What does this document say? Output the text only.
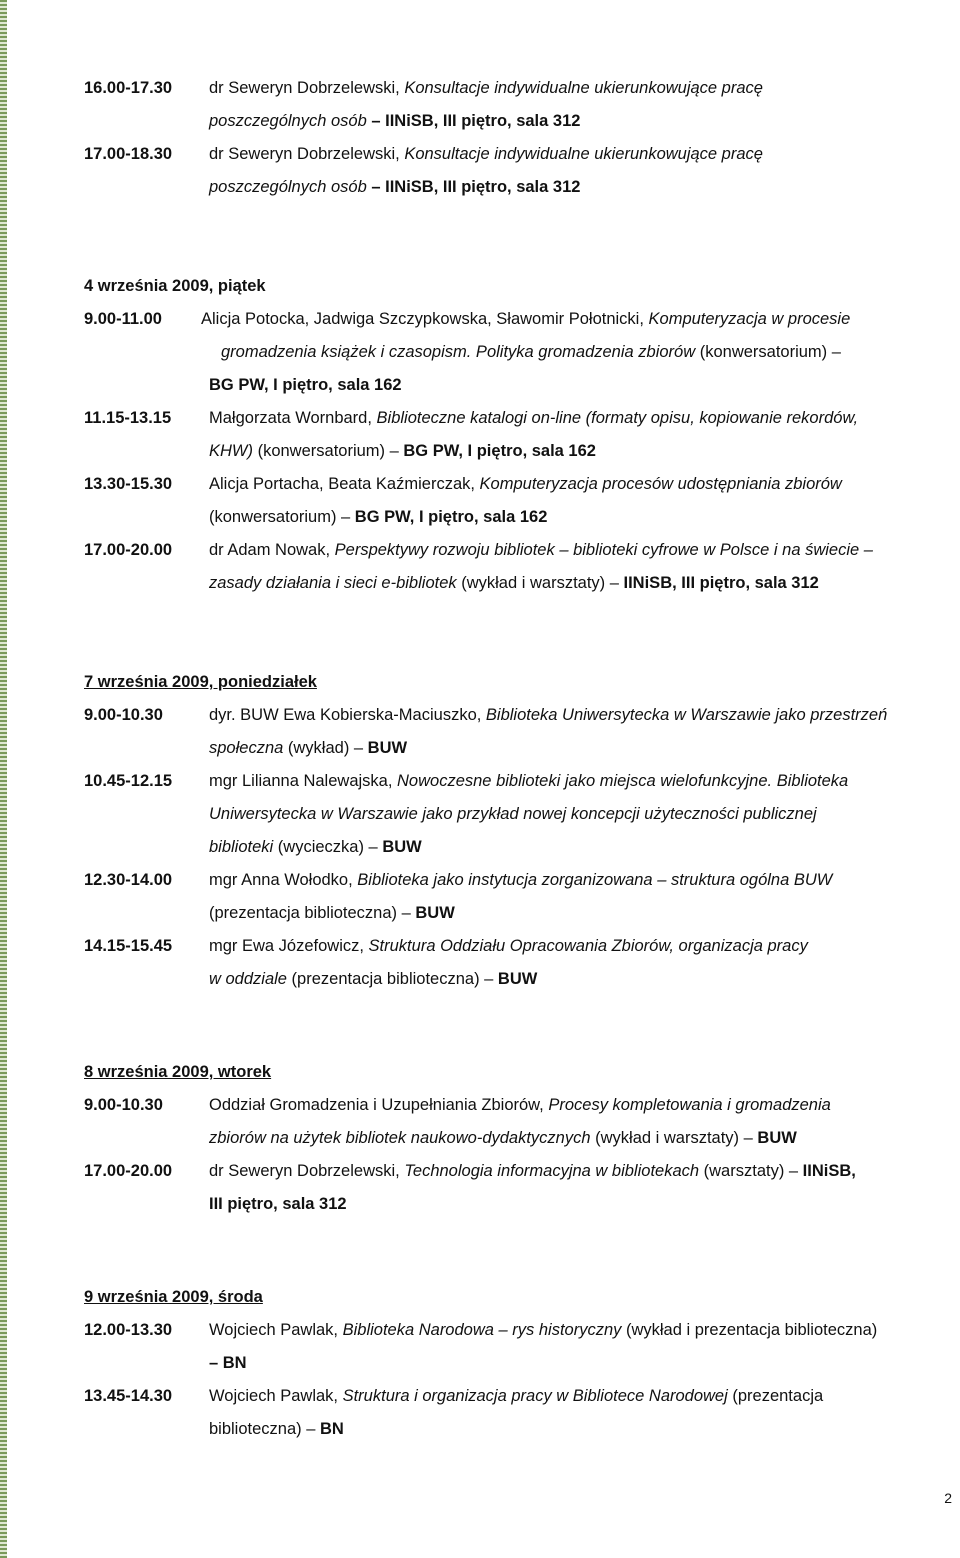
16.00-17.30	dr Seweryn Dobrzelewski, Konsultacje indywidualne ukierunkowujące pracę
poszczególnych osób – IINiSB, III piętro, sala 312
17.00-18.30	dr Seweryn Dobrzelewski, Konsultacje indywidualne ukierunkowujące pracę
poszczególnych osób – IINiSB, III piętro, sala 312
4 września 2009, piątek
9.00-11.00	Alicja Potocka, Jadwiga Szczypkowska, Sławomir Połotnicki, Komputeryzacja w procesie
gromadzenia książek i czasopism. Polityka gromadzenia zbiorów (konwersatorium) –
BG PW, I piętro, sala 162
11.15-13.15	Małgorzata Wornbard, Biblioteczne katalogi on-line (formaty opisu, kopiowanie rekordów,
KHW) (konwersatorium) – BG PW, I piętro, sala 162
13.30-15.30	Alicja Portacha, Beata Kaźmierczak, Komputeryzacja procesów udostępniania zbiorów
(konwersatorium) – BG PW, I piętro, sala 162
17.00-20.00	dr Adam Nowak, Perspektywy rozwoju bibliotek – biblioteki cyfrowe w Polsce i na świecie –
zasady działania i sieci e-bibliotek (wykład i warsztaty) – IINiSB, III piętro, sala 312
7 września 2009, poniedziałek
9.00-10.30	dyr. BUW Ewa Kobierska-Maciuszko, Biblioteka Uniwersytecka w Warszawie jako przestrzeń
społeczna (wykład) – BUW
10.45-12.15	mgr Lilianna Nalewajska, Nowoczesne biblioteki jako miejsca wielofunkcyjne. Biblioteka
Uniwersytecka w Warszawie jako przykład nowej koncepcji użyteczności publicznej
biblioteki (wycieczka) – BUW
12.30-14.00	mgr Anna Wołodko, Biblioteka jako instytucja zorganizowana – struktura ogólna BUW
(prezentacja biblioteczna) – BUW
14.15-15.45	mgr Ewa Józefowicz, Struktura Oddziału Opracowania Zbiorów, organizacja pracy
w oddziale (prezentacja biblioteczna) – BUW
8 września 2009, wtorek
9.00-10.30	Oddział Gromadzenia i Uzupełniania Zbiorów, Procesy kompletowania i gromadzenia
zbiorów na użytek bibliotek naukowo-dydaktycznych (wykład i warsztaty) – BUW
17.00-20.00	dr Seweryn Dobrzelewski, Technologia informacyjna w bibliotekach (warsztaty) – IINiSB,
III piętro, sala 312
9 września 2009, środa
12.00-13.30	Wojciech Pawlak, Biblioteka Narodowa – rys historyczny (wykład i prezentacja biblioteczna)
– BN
13.45-14.30	Wojciech Pawlak, Struktura i organizacja pracy w Bibliotece Narodowej (prezentacja
biblioteczna) – BN
2
